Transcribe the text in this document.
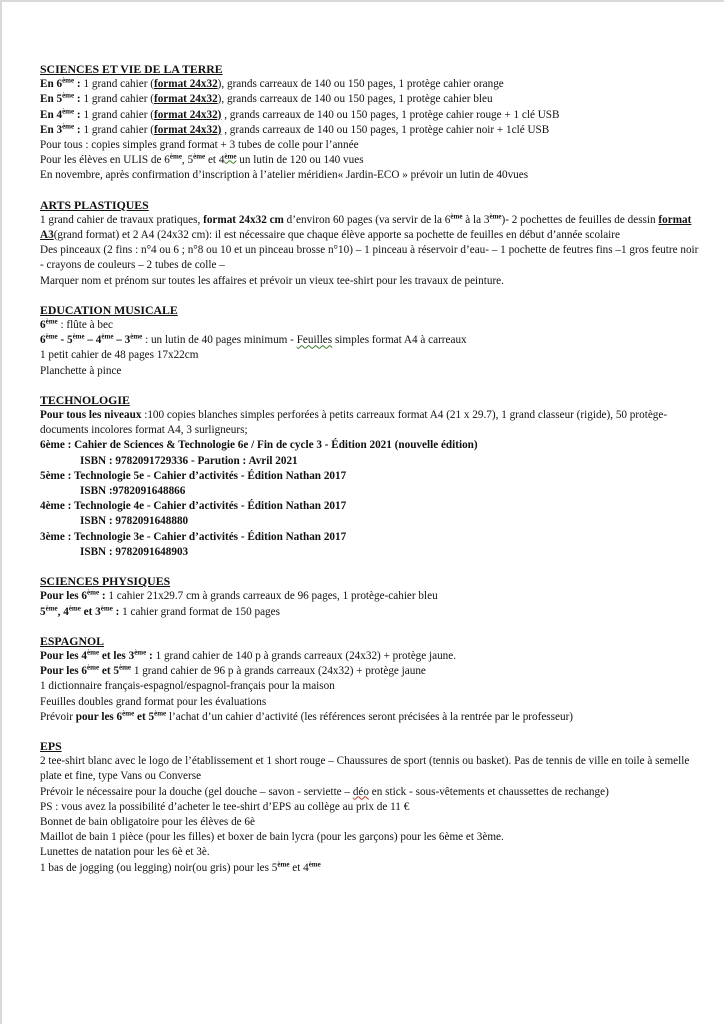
SCIENCES ET VIE DE LA TERRE
En 6ème : 1 grand cahier (format 24x32), grands carreaux de 140 ou 150 pages, 1 protège cahier orange
En 5ème : 1 grand cahier (format 24x32), grands carreaux de 140 ou 150 pages, 1 protège cahier bleu
En 4ème : 1 grand cahier (format 24x32) , grands carreaux de 140 ou 150 pages, 1 protège cahier rouge + 1 clé USB
En 3ème : 1 grand cahier (format 24x32) , grands carreaux de 140 ou 150 pages, 1 protège cahier noir + 1clé USB
Pour tous : copies simples grand format + 3 tubes de colle pour l’année
Pour les élèves en ULIS de 6ème, 5ème et 4ème un lutin de 120 ou 140 vues
En novembre, après confirmation d’inscription à l’atelier méridien« Jardin-ECO » prévoir un lutin de 40vues
ARTS PLASTIQUES
1 grand cahier de travaux pratiques, format 24x32 cm d’environ 60 pages (va servir de la 6ème à la 3ème)- 2 pochettes de feuilles de dessin format A3(grand format) et 2 A4 (24x32 cm): il est nécessaire que chaque élève apporte sa pochette de feuilles en début d’année scolaire
Des pinceaux (2 fins : n°4 ou 6 ; n°8 ou 10 et un pinceau brosse n°10) – 1 pinceau à réservoir d’eau- – 1 pochette de feutres fins –1 gros feutre noir - crayons de couleurs – 2 tubes de colle –
Marquer nom et prénom sur toutes les affaires et prévoir un vieux tee-shirt pour les travaux de peinture.
EDUCATION MUSICALE
6ème : flûte à bec
6ème - 5ème – 4ème – 3ème : un lutin de 40 pages minimum - Feuilles simples format A4 à carreaux
1 petit cahier de 48 pages 17x22cm
Planchette à pince
TECHNOLOGIE
Pour tous les niveaux :100 copies blanches simples perforées à petits carreaux format A4 (21 x 29.7), 1 grand classeur (rigide), 50 protège-documents incolores format A4, 3 surligneurs;
6ème : Cahier de Sciences & Technologie 6e / Fin de cycle 3 - Édition 2021 (nouvelle édition)
ISBN : 9782091729336 - Parution : Avril 2021
5ème : Technologie 5e - Cahier d’activités - Édition Nathan 2017
ISBN :9782091648866
4ème : Technologie 4e - Cahier d’activités - Édition Nathan 2017
ISBN : 9782091648880
3ème : Technologie 3e - Cahier d’activités - Édition Nathan 2017
ISBN : 9782091648903
SCIENCES PHYSIQUES
Pour les 6ème : 1 cahier 21x29.7 cm à grands carreaux de 96 pages, 1 protège-cahier bleu
5ème, 4ème et 3ème : 1 cahier grand format de 150 pages
ESPAGNOL
Pour les 4ème et les 3ème : 1 grand cahier de 140 p à grands carreaux (24x32) + protège jaune.
Pour les 6ème et 5ème 1 grand cahier de 96 p à grands carreaux (24x32) + protège jaune
1 dictionnaire français-espagnol/espagnol-français pour la maison
Feuilles doubles grand format pour les évaluations
Prévoir pour les 6ème et 5ème l’achat d’un cahier d’activité (les références seront précisées à la rentrée par le professeur)
EPS
2 tee-shirt blanc avec le logo de l’établissement et 1 short rouge – Chaussures de sport (tennis ou basket). Pas de tennis de ville en toile à semelle plate et fine, type Vans ou Converse
Prévoir le nécessaire pour la douche (gel douche – savon - serviette – déo en stick - sous-vêtements et chaussettes de rechange)
PS : vous avez la possibilité d’acheter le tee-shirt d’EPS au collège au prix de 11 €
Bonnet de bain obligatoire pour les élèves de 6è
Maillot de bain 1 pièce (pour les filles) et boxer de bain lycra (pour les garçons) pour les 6ème et 3ème.
Lunettes de natation pour les 6è et 3è.
1 bas de jogging (ou legging) noir(ou gris) pour les 5ème et 4ème
